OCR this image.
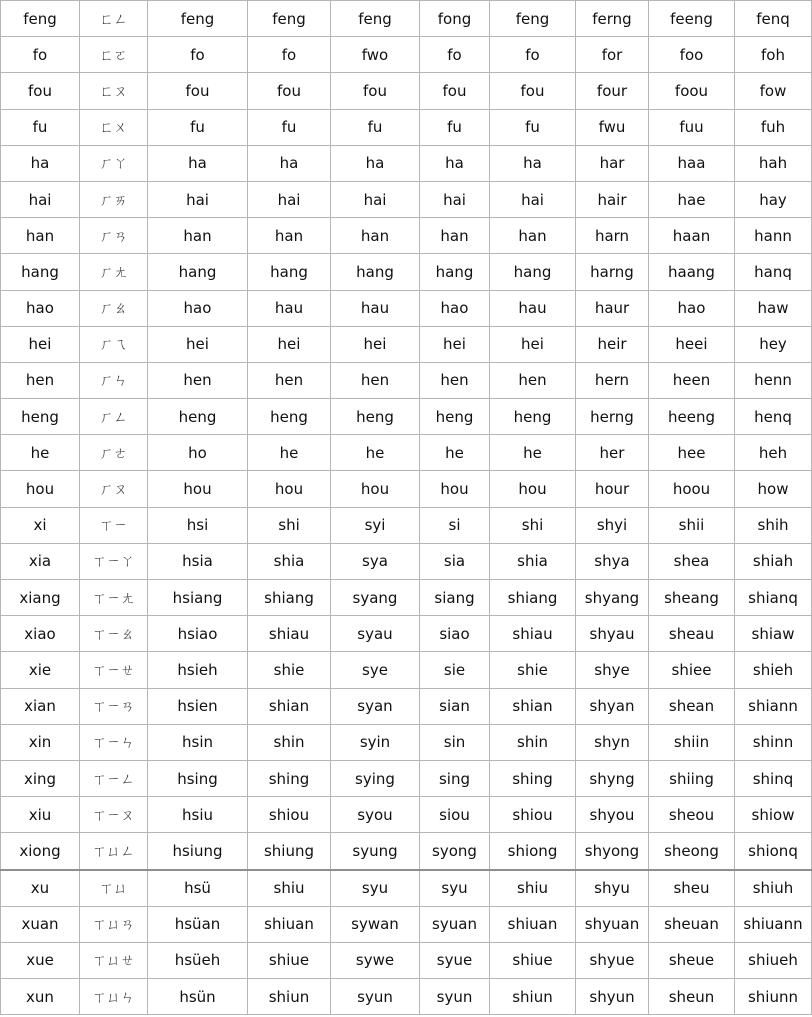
feng	ㄈㄥ	feng	feng	feng	fong	feng	ferng	feeng	fenq
fo	ㄈㄛ	fo	fo	fwo	fo	fo	for	foo	foh
fou	ㄈㄡ	fou	fou	fou	fou	fou	four	foou	fow
fu	ㄈㄨ	fu	fu	fu	fu	fu	fwu	fuu	fuh
ha	ㄏㄚ	ha	ha	ha	ha	ha	har	haa	hah
hai	ㄏㄞ	hai	hai	hai	hai	hai	hair	hae	hay
han	ㄏㄢ	han	han	han	han	han	harn	haan	hann
hang	ㄏㄤ	hang	hang	hang	hang	hang	harng	haang	hanq
hao	ㄏㄠ	hao	hau	hau	hao	hau	haur	hao	haw
hei	ㄏㄟ	hei	hei	hei	hei	hei	heir	heei	hey
hen	ㄏㄣ	hen	hen	hen	hen	hen	hern	heen	henn
heng	ㄏㄥ	heng	heng	heng	heng	heng	herng	heeng	henq
he	ㄏㄜ	ho	he	he	he	he	her	hee	heh
hou	ㄏㄡ	hou	hou	hou	hou	hou	hour	hoou	how
xi	ㄒㄧ	hsi	shi	syi	si	shi	shyi	shii	shih
xia	ㄒㄧㄚ	hsia	shia	sya	sia	shia	shya	shea	shiah
xiang	ㄒㄧㄤ	hsiang	shiang	syang	siang	shiang	shyang	sheang	shianq
xiao	ㄒㄧㄠ	hsiao	shiau	syau	siao	shiau	shyau	sheau	shiaw
xie	ㄒㄧㄝ	hsieh	shie	sye	sie	shie	shye	shiee	shieh
xian	ㄒㄧㄢ	hsien	shian	syan	sian	shian	shyan	shean	shiann
xin	ㄒㄧㄣ	hsin	shin	syin	sin	shin	shyn	shiin	shinn
xing	ㄒㄧㄥ	hsing	shing	sying	sing	shing	shyng	shiing	shinq
xiu	ㄒㄧㄡ	hsiu	shiou	syou	siou	shiou	shyou	sheou	shiow
xiong	ㄒㄩㄥ	hsiung	shiung	syung	syong	shiong	shyong	sheong	shionq
xu	ㄒㄩ	hsü	shiu	syu	syu	shiu	shyu	sheu	shiuh
xuan	ㄒㄩㄢ	hsüan	shiuan	sywan	syuan	shiuan	shyuan	sheuan	shiuann
xue	ㄒㄩㄝ	hsüeh	shiue	sywe	syue	shiue	shyue	sheue	shiueh
xun	ㄒㄩㄣ	hsün	shiun	syun	syun	shiun	shyun	sheun	shiunn
